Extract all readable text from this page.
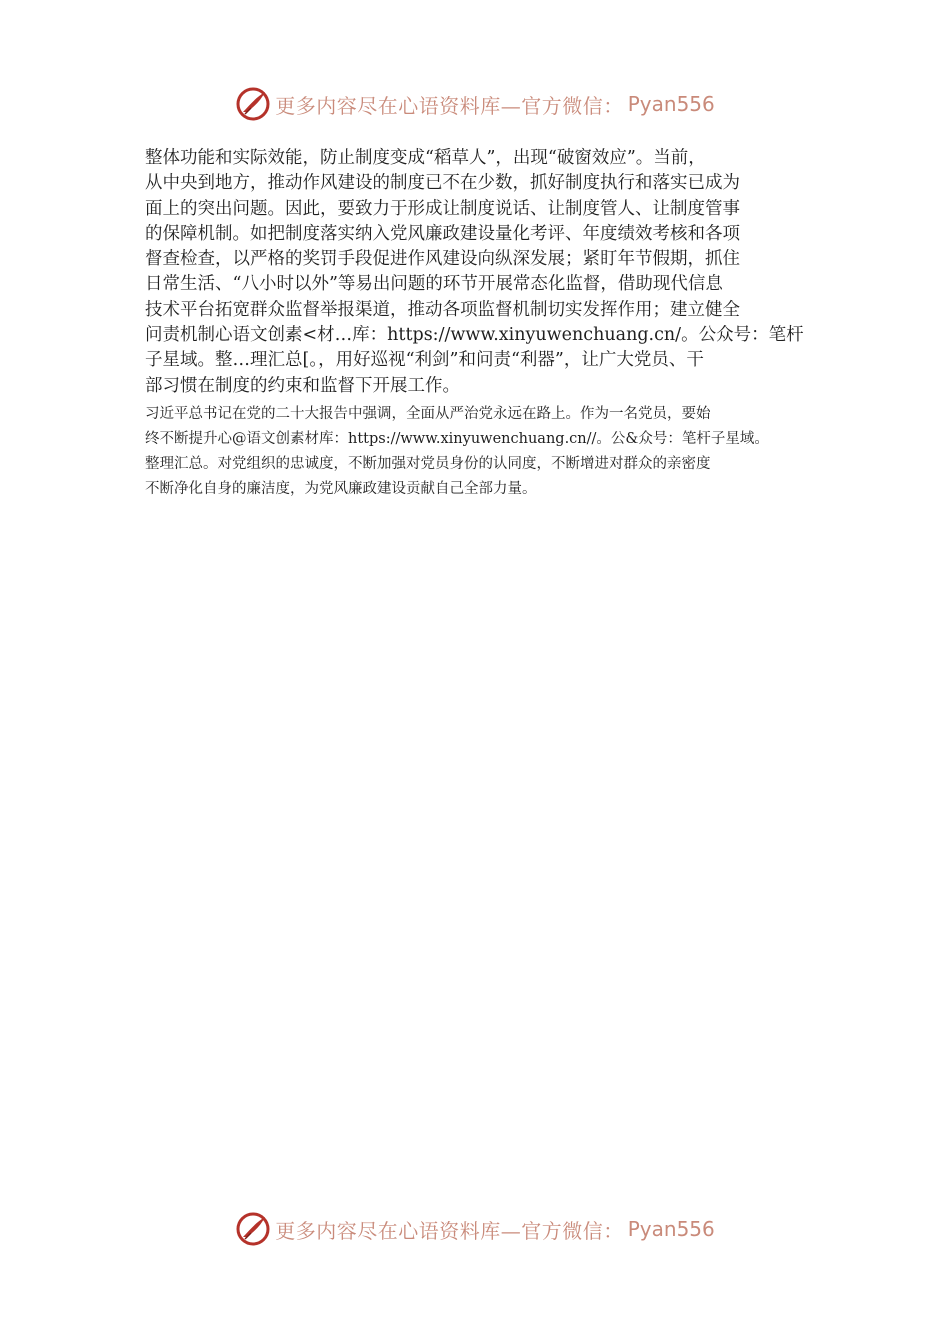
更多内容尽在心语资料库—官方微信： Pyan556

整体功能和实际效能，防止制度变成“稻草人”，出现“破窗效应”。当前，
从中央到地方，推动作风建设的制度已不在少数，抓好制度执行和落实已成为
面上的突出问题。因此，要致力于形成让制度说话、让制度管人、让制度管事
的保障机制。如把制度落实纳入党风廉政建设量化考评、年度绩效考核和各项
督查检查，以严格的奖罚手段促进作风建设向纵深发展；紧盯年节假期，抓住
日常生活、“八小时以外”等易出问题的环节开展常态化监督，借助现代信息
技术平台拓宽群众监督举报渠道，推动各项监督机制切实发挥作用；建立健全
问责机制心语文创素<材…库：https://www.xinyuwenchuang.cn/。公众号：笔杆
子星域。整…理汇总[。，用好巡视“利剑”和问责“利器”，让广大党员、干
部习惯在制度的约束和监督下开展工作。

习近平总书记在党的二十大报告中强调，全面从严治党永远在路上。作为一名党员，要始
终不断提升心@语文创素材库：https://www.xinyuwenchuang.cn//。公&众号：笔杆子星域。
整理汇总。对党组织的忠诚度，不断加强对党员身份的认同度，不断增进对群众的亲密度
不断净化自身的廉洁度，为党风廉政建设贡献自己全部力量。

更多内容尽在心语资料库—官方微信： Pyan556
